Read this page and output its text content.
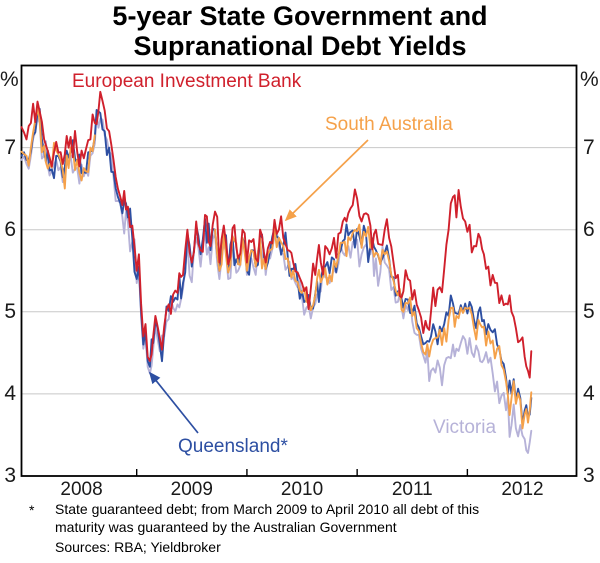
5-year State Government and
Supranational Debt Yields
%	%
7
6
5
4
3
7
6
5
4
3
2008	2009	2010	2011	2012
Victoria
Queensland*
South Australia
European Investment Bank
* State guaranteed debt; from March 2009 to April 2010 all debt of this
maturity was guaranteed by the Australian Government
Sources: RBA; Yieldbroker
